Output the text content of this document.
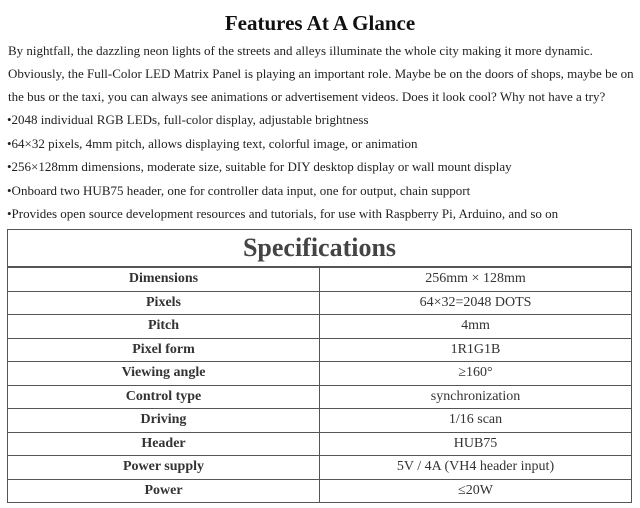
Features At A Glance
By nightfall, the dazzling neon lights of the streets and alleys illuminate the whole city making it more dynamic.
Obviously, the Full-Color LED Matrix Panel is playing an important role. Maybe be on the doors of shops, maybe be on
the bus or the taxi, you can always see animations or advertisement videos. Does it look cool? Why not have a try?
•2048 individual RGB LEDs, full-color display, adjustable brightness
•64×32 pixels, 4mm pitch, allows displaying text, colorful image, or animation
•256×128mm dimensions, moderate size, suitable for DIY desktop display or wall mount display
•Onboard two HUB75 header, one for controller data input, one for output, chain support
•Provides open source development resources and tutorials, for use with Raspberry Pi, Arduino, and so on
Specifications	
Dimensions	256mm × 128mm
Pixels	64×32=2048 DOTS
Pitch	4mm
Pixel form	1R1G1B
Viewing angle	≥160°
Control type	synchronization
Driving	1/16 scan
Header	HUB75
Power supply	5V / 4A (VH4 header input)
Power	≤20W
